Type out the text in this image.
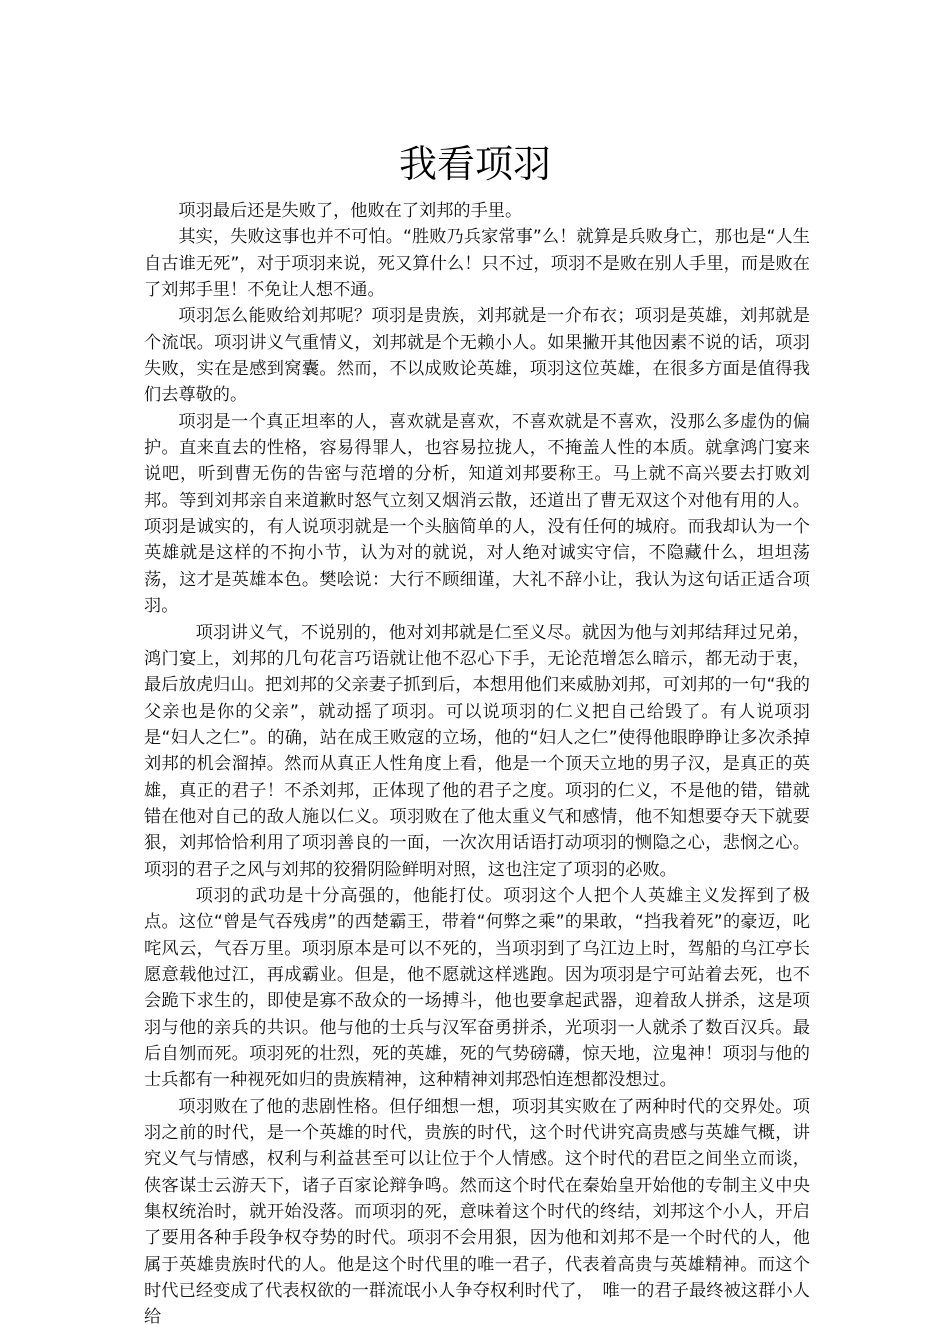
我看项羽

项羽最后还是失败了，他败在了刘邦的手里。

其实，失败这事也并不可怕。“胜败乃兵家常事”么！就算是兵败身亡，那也是“人生自古谁无死”，对于项羽来说，死又算什么！只不过，项羽不是败在别人手里，而是败在了刘邦手里！不免让人想不通。

项羽怎么能败给刘邦呢？项羽是贵族，刘邦就是一介布衣；项羽是英雄，刘邦就是个流氓。项羽讲义气重情义，刘邦就是个无赖小人。如果撇开其他因素不说的话，项羽失败，实在是感到窝囊。然而，不以成败论英雄，项羽这位英雄，在很多方面是值得我们去尊敬的。

项羽是一个真正坦率的人，喜欢就是喜欢，不喜欢就是不喜欢，没那么多虚伪的偏护。直来直去的性格，容易得罪人，也容易拉拢人，不掩盖人性的本质。就拿鸿门宴来说吧，听到曹无伤的告密与范增的分析，知道刘邦要称王。马上就不高兴要去打败刘邦。等到刘邦亲自来道歉时怒气立刻又烟消云散，还道出了曹无双这个对他有用的人。项羽是诚实的，有人说项羽就是一个头脑简单的人，没有任何的城府。而我却认为一个英雄就是这样的不拘小节，认为对的就说，对人绝对诚实守信，不隐藏什么，坦坦荡荡，这才是英雄本色。樊哙说：大行不顾细谨，大礼不辞小让，我认为这句话正适合项羽。

项羽讲义气，不说别的，他对刘邦就是仁至义尽。就因为他与刘邦结拜过兄弟，鸿门宴上，刘邦的几句花言巧语就让他不忍心下手，无论范增怎么暗示，都无动于衷，最后放虎归山。把刘邦的父亲妻子抓到后，本想用他们来威胁刘邦，可刘邦的一句“我的父亲也是你的父亲”，就动摇了项羽。可以说项羽的仁义把自己给毁了。有人说项羽是“妇人之仁”。的确，站在成王败寇的立场，他的“妇人之仁”使得他眼睁睁让多次杀掉刘邦的机会溜掉。然而从真正人性角度上看，他是一个顶天立地的男子汉，是真正的英雄，真正的君子！不杀刘邦，正体现了他的君子之度。项羽的仁义，不是他的错，错就错在他对自己的敌人施以仁义。项羽败在了他太重义气和感情，他不知想要夺天下就要狠，刘邦恰恰利用了项羽善良的一面，一次次用话语打动项羽的恻隐之心，悲悯之心。项羽的君子之风与刘邦的狡猾阴险鲜明对照，这也注定了项羽的必败。

项羽的武功是十分高强的，他能打仗。项羽这个人把个人英雄主义发挥到了极点。这位“曾是气吞残虏”的西楚霸王，带着“何弊之乘”的果敢，“挡我着死”的豪迈，叱咤风云，气吞万里。项羽原本是可以不死的，当项羽到了乌江边上时，驾船的乌江亭长愿意载他过江，再成霸业。但是，他不愿就这样逃跑。因为项羽是宁可站着去死，也不会跪下求生的，即使是寡不敌众的一场搏斗，他也要拿起武器，迎着敌人拼杀，这是项羽与他的亲兵的共识。他与他的士兵与汉军奋勇拼杀，光项羽一人就杀了数百汉兵。最后自刎而死。项羽死的壮烈，死的英雄，死的气势磅礴，惊天地，泣鬼神！项羽与他的士兵都有一种视死如归的贵族精神，这种精神刘邦恐怕连想都没想过。

项羽败在了他的悲剧性格。但仔细想一想，项羽其实败在了两种时代的交界处。项羽之前的时代，是一个英雄的时代，贵族的时代，这个时代讲究高贵感与英雄气概，讲究义气与情感，权利与利益甚至可以让位于个人情感。这个时代的君臣之间坐立而谈，侠客谋士云游天下，诸子百家论辩争鸣。然而这个时代在秦始皇开始他的专制主义中央集权统治时，就开始没落。而项羽的死，意味着这个时代的终结，刘邦这个小人，开启了要用各种手段争权夺势的时代。项羽不会用狠，因为他和刘邦不是一个时代的人，他属于英雄贵族时代的人。他是这个时代里的唯一君子，代表着高贵与英雄精神。而这个时代已经变成了代表权欲的一群流氓小人争夺权利时代了，　唯一的君子最终被这群小人给
